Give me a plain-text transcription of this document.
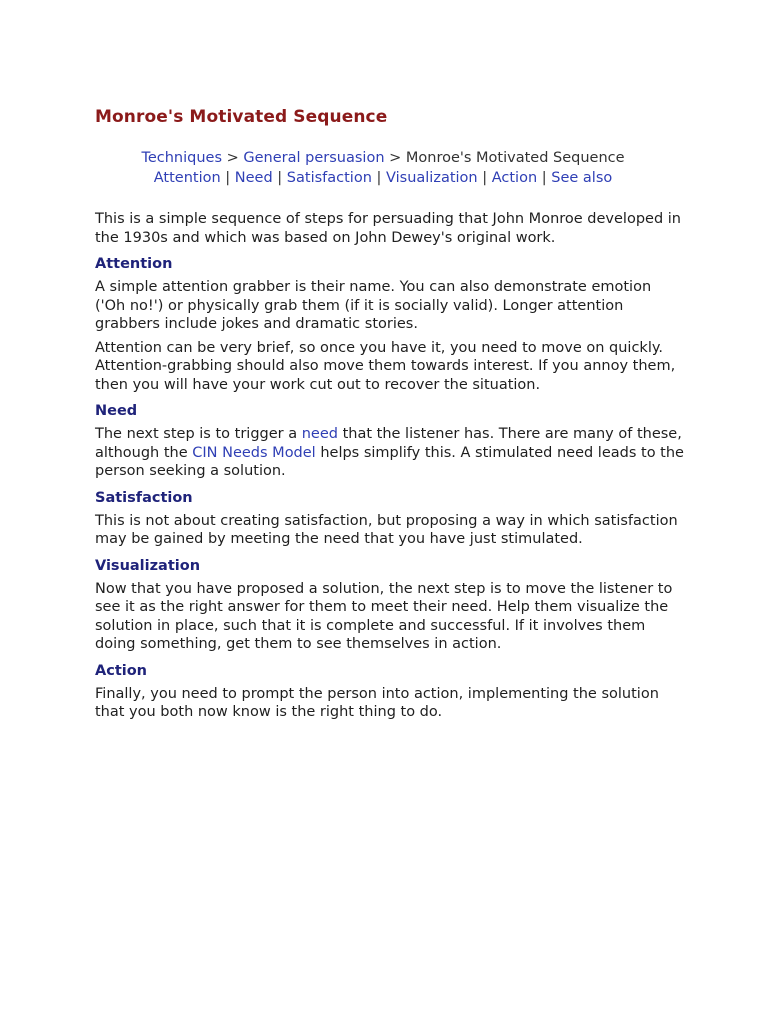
Monroe's Motivated Sequence
Techniques > General persuasion > Monroe's Motivated Sequence
Attention | Need | Satisfaction | Visualization | Action | See also

This is a simple sequence of steps for persuading that John Monroe developed in the 1930s and which was based on John Dewey's original work.

Attention

A simple attention grabber is their name. You can also demonstrate emotion ('Oh no!') or physically grab them (if it is socially valid). Longer attention grabbers include jokes and dramatic stories.

Attention can be very brief, so once you have it, you need to move on quickly. Attention-grabbing should also move them towards interest. If you annoy them, then you will have your work cut out to recover the situation.

Need

The next step is to trigger a need that the listener has. There are many of these, although the CIN Needs Model helps simplify this. A stimulated need leads to the person seeking a solution.

Satisfaction

This is not about creating satisfaction, but proposing a way in which satisfaction may be gained by meeting the need that you have just stimulated.

Visualization

Now that you have proposed a solution, the next step is to move the listener to see it as the right answer for them to meet their need. Help them visualize the solution in place, such that it is complete and successful. If it involves them doing something, get them to see themselves in action.

Action

Finally, you need to prompt the person into action, implementing the solution that you both now know is the right thing to do.
